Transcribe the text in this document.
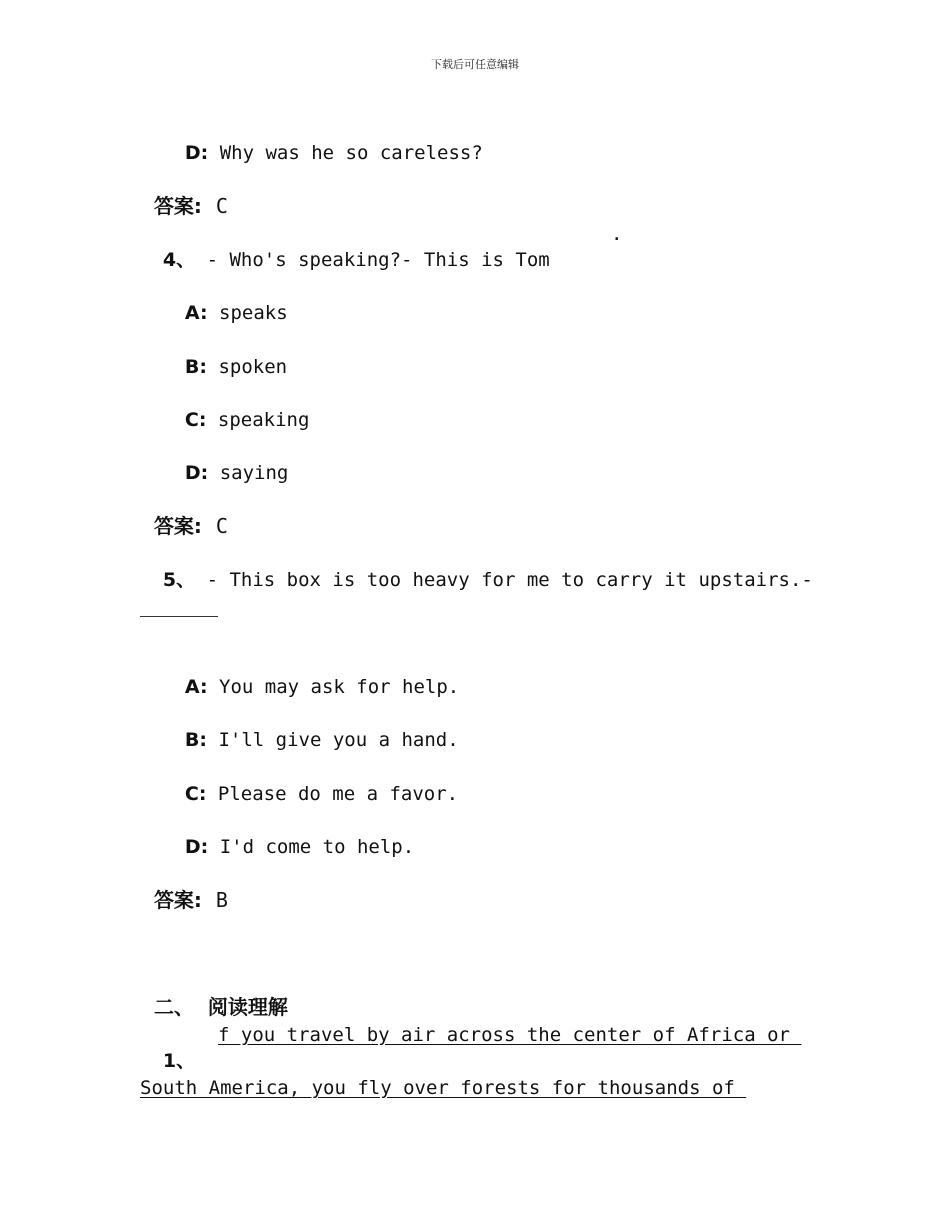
下载后可任意编辑

D: Why was he so careless?

答案: C

4、 - Who's speaking?- This is Tom

.

A: speaks

B: spoken

C: speaking

D: saying

答案: C

5、 - This box is too heavy for me to carry it upstairs.-

A: You may ask for help.

B: I'll give you a hand.

C: Please do me a favor.

D: I'd come to help.

答案: B

二、 阅读理解

1、

f you travel by air across the center of Africa or
South America, you fly over forests for thousands of
